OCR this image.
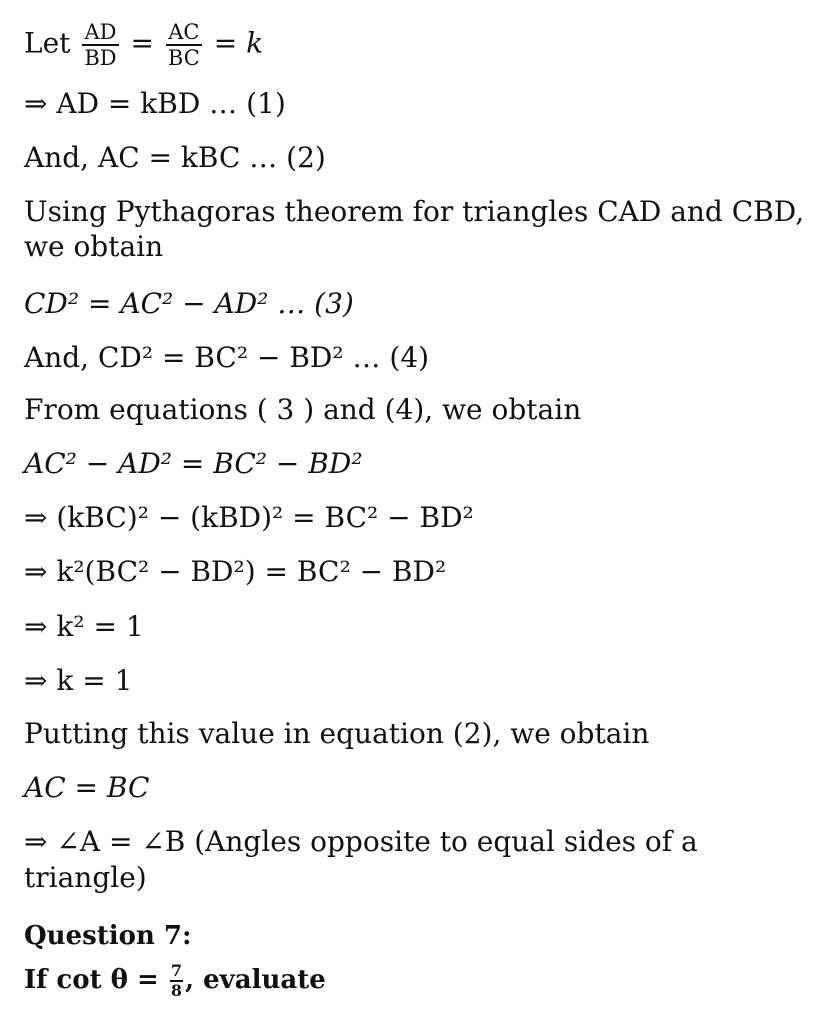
Let $\frac{AD}{BD} = \frac{AC}{BC} = k$
⇒ AD = kBD … (1)
And, AC = kBC … (2)
Using Pythagoras theorem for triangles CAD and CBD,
we obtain
CD² = AC² − AD² … (3)
And, CD² = BC² − BD² … (4)
From equations ( 3 ) and (4), we obtain
AC² − AD² = BC² − BD²
⇒ (kBC)² − (kBD)² = BC² − BD²
⇒ k²(BC² − BD²) = BC² − BD²
⇒ k² = 1
⇒ k = 1
Putting this value in equation (2), we obtain
AC = BC
⇒ ∠A = ∠B (Angles opposite to equal sides of a
triangle)
Question 7:
If $\cot \theta = \frac{7}{8}$ , evaluate
